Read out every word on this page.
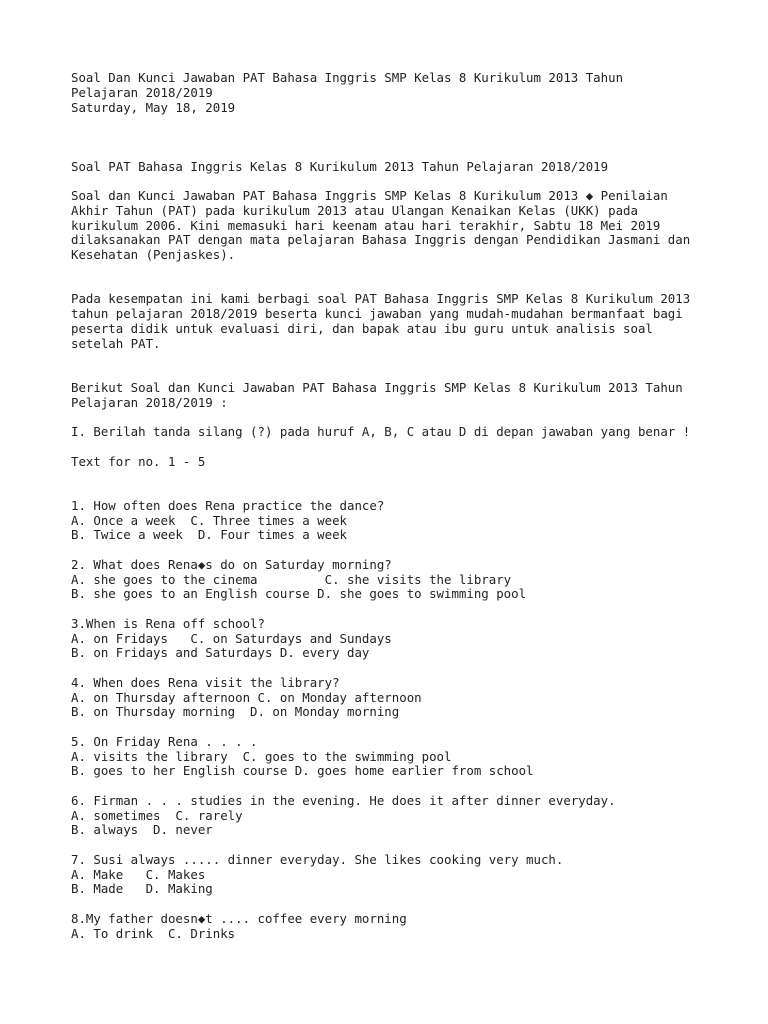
Soal Dan Kunci Jawaban PAT Bahasa Inggris SMP Kelas 8 Kurikulum 2013 Tahun
Pelajaran 2018/2019
Saturday, May 18, 2019
Soal PAT Bahasa Inggris Kelas 8 Kurikulum 2013 Tahun Pelajaran 2018/2019
Soal dan Kunci Jawaban PAT Bahasa Inggris SMP Kelas 8 Kurikulum 2013 ◆ Penilaian
Akhir Tahun (PAT) pada kurikulum 2013 atau Ulangan Kenaikan Kelas (UKK) pada
kurikulum 2006. Kini memasuki hari keenam atau hari terakhir, Sabtu 18 Mei 2019
dilaksanakan PAT dengan mata pelajaran Bahasa Inggris dengan Pendidikan Jasmani dan
Kesehatan (Penjaskes).
Pada kesempatan ini kami berbagi soal PAT Bahasa Inggris SMP Kelas 8 Kurikulum 2013
tahun pelajaran 2018/2019 beserta kunci jawaban yang mudah-mudahan bermanfaat bagi
peserta didik untuk evaluasi diri, dan bapak atau ibu guru untuk analisis soal
setelah PAT.
Berikut Soal dan Kunci Jawaban PAT Bahasa Inggris SMP Kelas 8 Kurikulum 2013 Tahun
Pelajaran 2018/2019 :
I. Berilah tanda silang (?) pada huruf A, B, C atau D di depan jawaban yang benar !
Text for no. 1 - 5
1. How often does Rena practice the dance?
A. Once a week  C. Three times a week
B. Twice a week  D. Four times a week
2. What does Rena◆s do on Saturday morning?
A. she goes to the cinema         C. she visits the library
B. she goes to an English course D. she goes to swimming pool
3.When is Rena off school?
A. on Fridays   C. on Saturdays and Sundays
B. on Fridays and Saturdays D. every day
4. When does Rena visit the library?
A. on Thursday afternoon C. on Monday afternoon
B. on Thursday morning  D. on Monday morning
5. On Friday Rena . . . .
A. visits the library  C. goes to the swimming pool
B. goes to her English course D. goes home earlier from school
6. Firman . . . studies in the evening. He does it after dinner everyday.
A. sometimes  C. rarely
B. always  D. never
7. Susi always ..... dinner everyday. She likes cooking very much.
A. Make   C. Makes
B. Made   D. Making
8.My father doesn◆t .... coffee every morning
A. To drink  C. Drinks
